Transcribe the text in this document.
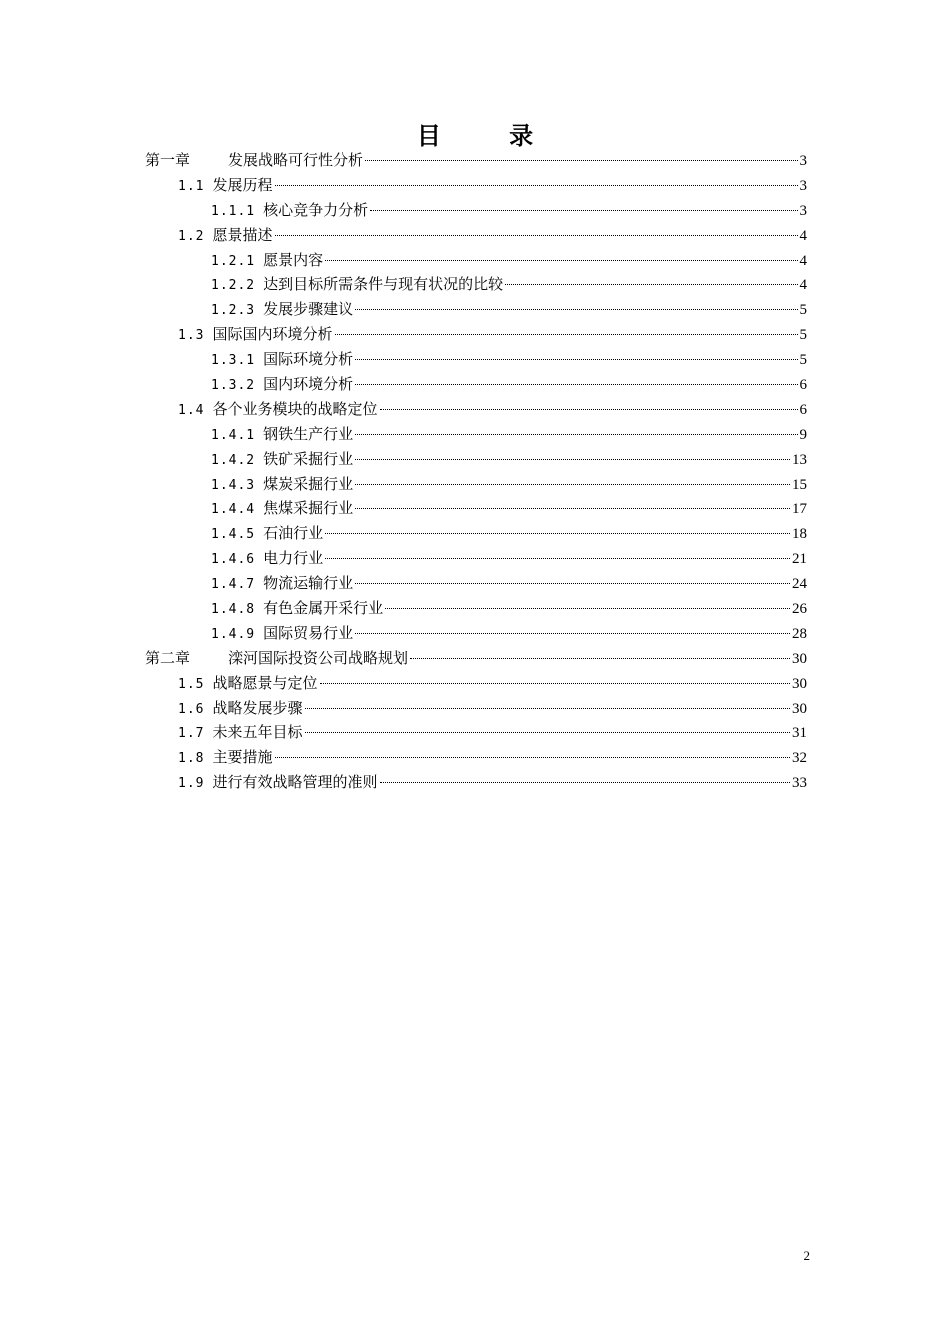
目 录
第一章	发展战略可行性分析	3
1.1 发展历程	3
1.1.1 核心竞争力分析	3
1.2 愿景描述	4
1.2.1 愿景内容	4
1.2.2 达到目标所需条件与现有状况的比较	4
1.2.3 发展步骤建议	5
1.3 国际国内环境分析	5
1.3.1 国际环境分析	5
1.3.2 国内环境分析	6
1.4 各个业务模块的战略定位	6
1.4.1 钢铁生产行业	9
1.4.2 铁矿采掘行业	13
1.4.3 煤炭采掘行业	15
1.4.4 焦煤采掘行业	17
1.4.5 石油行业	18
1.4.6 电力行业	21
1.4.7 物流运输行业	24
1.4.8 有色金属开采行业	26
1.4.9 国际贸易行业	28
第二章	滦河国际投资公司战略规划	30
1.5 战略愿景与定位	30
1.6 战略发展步骤	30
1.7 未来五年目标	31
1.8 主要措施	32
1.9 进行有效战略管理的准则	33
2
